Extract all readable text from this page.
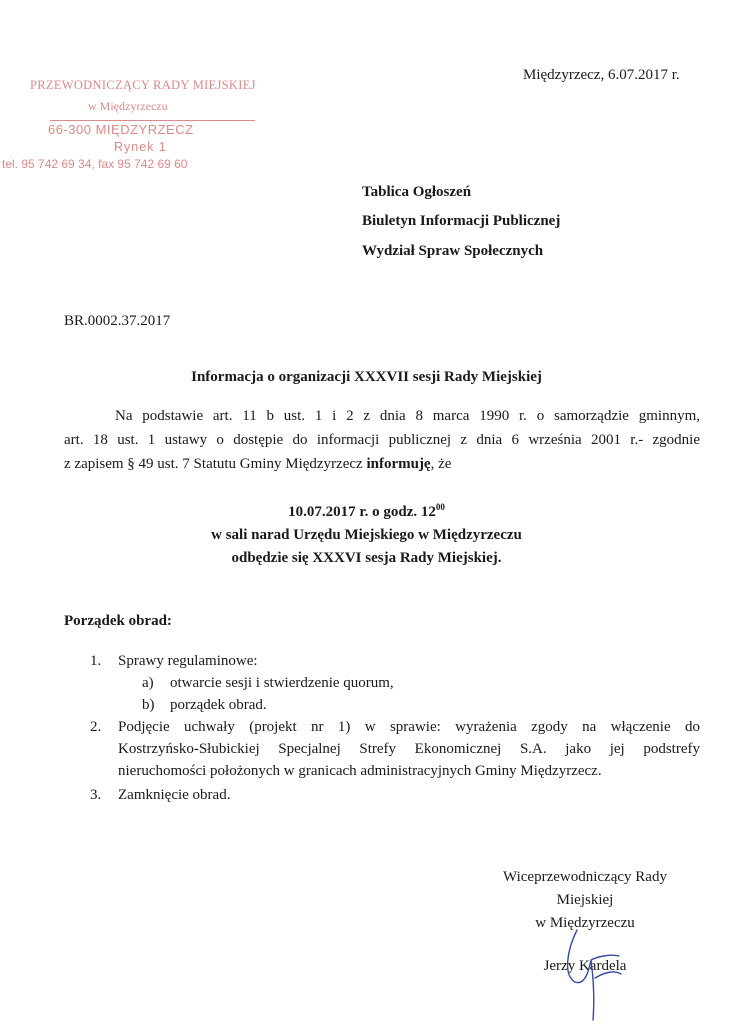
PRZEWODNICZĄCY RADY MIEJSKIEJ
w Międzyrzeczu
66-300 MIĘDZYRZECZ
Rynek 1
tel. 95 742 69 34, fax 95 742 69 60
Międzyrzecz, 6.07.2017 r.
Tablica Ogłoszeń
Biuletyn Informacji Publicznej
Wydział Spraw Społecznych
BR.0002.37.2017
Informacja o organizacji XXXVII sesji Rady Miejskiej
Na podstawie art. 11 b ust. 1 i 2 z dnia 8 marca 1990 r. o samorządzie gminnym,
art. 18 ust. 1 ustawy o dostępie do informacji publicznej z dnia 6 września 2001 r.- zgodnie
z zapisem § 49 ust. 7 Statutu Gminy Międzyrzecz informuję, że
10.07.2017 r. o godz. $12^{00}$
w sali narad Urzędu Miejskiego w Międzyrzeczu
odbędzie się XXXVI sesja Rady Miejskiej.
Porządek obrad:
1. Sprawy regulaminowe:
a) otwarcie sesji i stwierdzenie quorum,
b) porządek obrad.
2. Podjęcie uchwały (projekt nr 1) w sprawie: wyrażenia zgody na włączenie do
Kostrzyńsko-Słubickiej Specjalnej Strefy Ekonomicznej S.A. jako jej podstrefy
nieruchomości położonych w granicach administracyjnych Gminy Międzyrzecz.
3. Zamknięcie obrad.
Wiceprzewodniczący Rady
Miejskiej
w Międzyrzeczu
Jerzy Kardela
